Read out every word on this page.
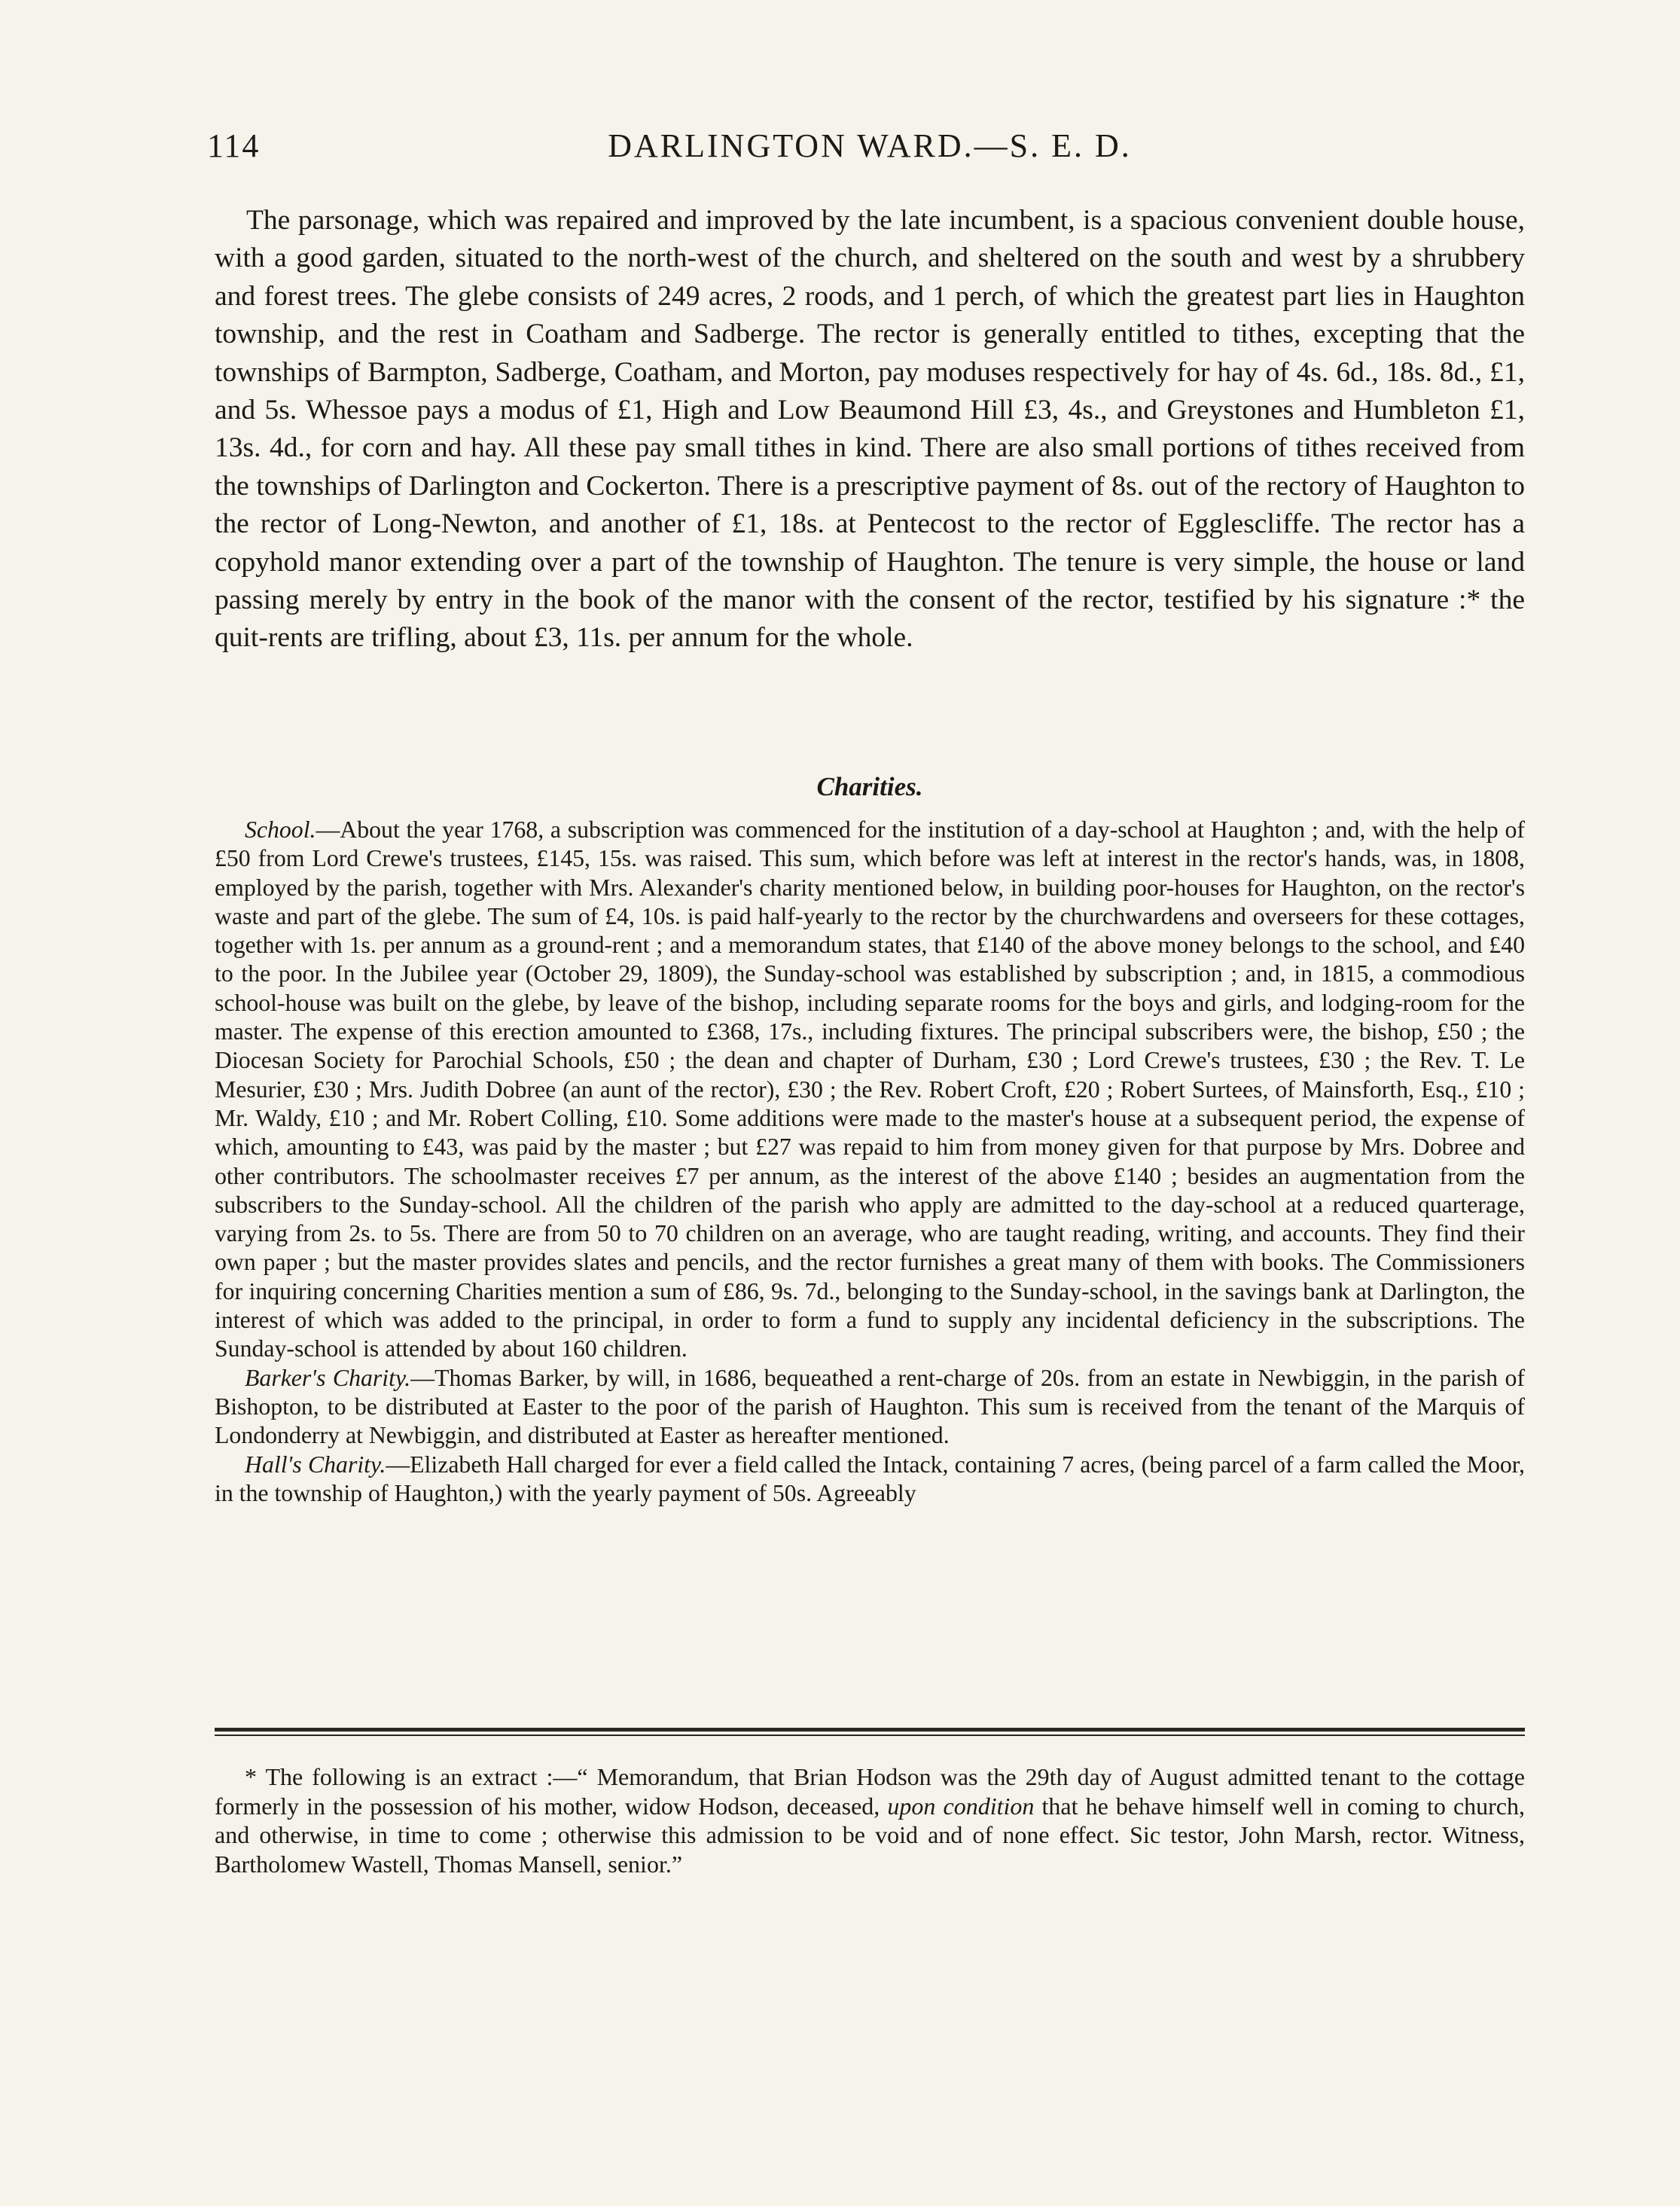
114	DARLINGTON WARD.—S. E. D.

The parsonage, which was repaired and improved by the late incumbent, is a spacious convenient double house, with a good garden, situated to the north-west of the church, and sheltered on the south and west by a shrubbery and forest trees. The glebe consists of 249 acres, 2 roods, and 1 perch, of which the greatest part lies in Haughton township, and the rest in Coatham and Sadberge. The rector is generally entitled to tithes, excepting that the townships of Barmpton, Sadberge, Coatham, and Morton, pay moduses respectively for hay of 4s. 6d., 18s. 8d., £1, and 5s. Whessoe pays a modus of £1, High and Low Beaumond Hill £3, 4s., and Greystones and Humbleton £1, 13s. 4d., for corn and hay. All these pay small tithes in kind. There are also small portions of tithes received from the townships of Darlington and Cockerton. There is a prescriptive payment of 8s. out of the rectory of Haughton to the rector of Long-Newton, and another of £1, 18s. at Pentecost to the rector of Egglescliffe. The rector has a copyhold manor extending over a part of the township of Haughton. The tenure is very simple, the house or land passing merely by entry in the book of the manor with the consent of the rector, testified by his signature :* the quit-rents are trifling, about £3, 11s. per annum for the whole.

Charities.

School.—About the year 1768, a subscription was commenced for the institution of a day-school at Haughton ; and, with the help of £50 from Lord Crewe's trustees, £145, 15s. was raised. This sum, which before was left at interest in the rector's hands, was, in 1808, employed by the parish, together with Mrs. Alexander's charity mentioned below, in building poor-houses for Haughton, on the rector's waste and part of the glebe. The sum of £4, 10s. is paid half-yearly to the rector by the churchwardens and overseers for these cottages, together with 1s. per annum as a ground-rent ; and a memorandum states, that £140 of the above money belongs to the school, and £40 to the poor. In the Jubilee year (October 29, 1809), the Sunday-school was established by subscription ; and, in 1815, a commodious school-house was built on the glebe, by leave of the bishop, including separate rooms for the boys and girls, and lodging-room for the master. The expense of this erection amounted to £368, 17s., including fixtures. The principal subscribers were, the bishop, £50 ; the Diocesan Society for Parochial Schools, £50 ; the dean and chapter of Durham, £30 ; Lord Crewe's trustees, £30 ; the Rev. T. Le Mesurier, £30 ; Mrs. Judith Dobree (an aunt of the rector), £30 ; the Rev. Robert Croft, £20 ; Robert Surtees, of Mainsforth, Esq., £10 ; Mr. Waldy, £10 ; and Mr. Robert Colling, £10. Some additions were made to the master's house at a subsequent period, the expense of which, amounting to £43, was paid by the master ; but £27 was repaid to him from money given for that purpose by Mrs. Dobree and other contributors. The schoolmaster receives £7 per annum, as the interest of the above £140 ; besides an augmentation from the subscribers to the Sunday-school. All the children of the parish who apply are admitted to the day-school at a reduced quarterage, varying from 2s. to 5s. There are from 50 to 70 children on an average, who are taught reading, writing, and accounts. They find their own paper ; but the master provides slates and pencils, and the rector furnishes a great many of them with books. The Commissioners for inquiring concerning Charities mention a sum of £86, 9s. 7d., belonging to the Sunday-school, in the savings bank at Darlington, the interest of which was added to the principal, in order to form a fund to supply any incidental deficiency in the subscriptions. The Sunday-school is attended by about 160 children.

Barker's Charity.—Thomas Barker, by will, in 1686, bequeathed a rent-charge of 20s. from an estate in Newbiggin, in the parish of Bishopton, to be distributed at Easter to the poor of the parish of Haughton. This sum is received from the tenant of the Marquis of Londonderry at Newbiggin, and distributed at Easter as hereafter mentioned.

Hall's Charity.—Elizabeth Hall charged for ever a field called the Intack, containing 7 acres, (being parcel of a farm called the Moor, in the township of Haughton,) with the yearly payment of 50s. Agreeably

* The following is an extract :—“ Memorandum, that Brian Hodson was the 29th day of August admitted tenant to the cottage formerly in the possession of his mother, widow Hodson, deceased, upon condition that he behave himself well in coming to church, and otherwise, in time to come ; otherwise this admission to be void and of none effect. Sic testor, John Marsh, rector. Witness, Bartholomew Wastell, Thomas Mansell, senior.”
